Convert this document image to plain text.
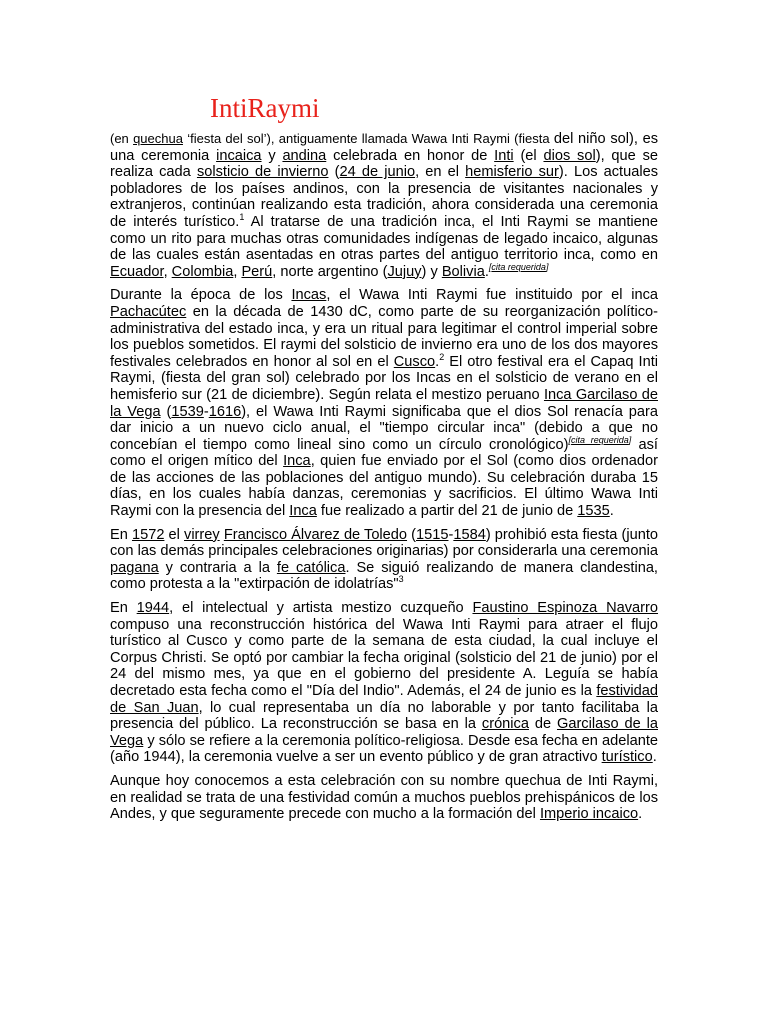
IntiRaymi

(en quechua ‘fiesta del sol’), antiguamente llamada Wawa Inti Raymi (fiesta del niño sol), es una ceremonia incaica y andina celebrada en honor de Inti (el dios sol), que se realiza cada solsticio de invierno (24 de junio, en el hemisferio sur). Los actuales pobladores de los países andinos, con la presencia de visitantes nacionales y extranjeros, continúan realizando esta tradición, ahora considerada una ceremonia de interés turístico.$^1$ Al tratarse de una tradición inca, el Inti Raymi se mantiene como un rito para muchas otras comunidades indígenas de legado incaico, algunas de las cuales están asentadas en otras partes del antiguo territorio inca, como en Ecuador, Colombia, Perú, norte argentino (Jujuy) y Bolivia.[cita requerida]

Durante la época de los Incas, el Wawa Inti Raymi fue instituido por el inca Pachacútec en la década de 1430 dC, como parte de su reorganización político-administrativa del estado inca, y era un ritual para legitimar el control imperial sobre los pueblos sometidos. El raymi del solsticio de invierno era uno de los dos mayores festivales celebrados en honor al sol en el Cusco.$^2$ El otro festival era el Capaq Inti Raymi, (fiesta del gran sol) celebrado por los Incas en el solsticio de verano en el hemisferio sur (21 de diciembre). Según relata el mestizo peruano Inca Garcilaso de la Vega (1539-1616), el Wawa Inti Raymi significaba que el dios Sol renacía para dar inicio a un nuevo ciclo anual, el "tiempo circular inca" (debido a que no concebían el tiempo como lineal sino como un círculo cronológico)[cita requerida] así como el origen mítico del Inca, quien fue enviado por el Sol (como dios ordenador de las acciones de las poblaciones del antiguo mundo). Su celebración duraba 15 días, en los cuales había danzas, ceremonias y sacrificios. El último Wawa Inti Raymi con la presencia del Inca fue realizado a partir del 21 de junio de 1535.

En 1572 el virrey Francisco Álvarez de Toledo (1515-1584) prohibió esta fiesta (junto con las demás principales celebraciones originarias) por considerarla una ceremonia pagana y contraria a la fe católica. Se siguió realizando de manera clandestina, como protesta a la "extirpación de idolatrías"$^3$

En 1944, el intelectual y artista mestizo cuzqueño Faustino Espinoza Navarro compuso una reconstrucción histórica del Wawa Inti Raymi para atraer el flujo turístico al Cusco y como parte de la semana de esta ciudad, la cual incluye el Corpus Christi. Se optó por cambiar la fecha original (solsticio del 21 de junio) por el 24 del mismo mes, ya que en el gobierno del presidente A. Leguía se había decretado esta fecha como el "Día del Indio". Además, el 24 de junio es la festividad de San Juan, lo cual representaba un día no laborable y por tanto facilitaba la presencia del público. La reconstrucción se basa en la crónica de Garcilaso de la Vega y sólo se refiere a la ceremonia político-religiosa. Desde esa fecha en adelante (año 1944), la ceremonia vuelve a ser un evento público y de gran atractivo turístico.

Aunque hoy conocemos a esta celebración con su nombre quechua de Inti Raymi, en realidad se trata de una festividad común a muchos pueblos prehispánicos de los Andes, y que seguramente precede con mucho a la formación del Imperio incaico.
